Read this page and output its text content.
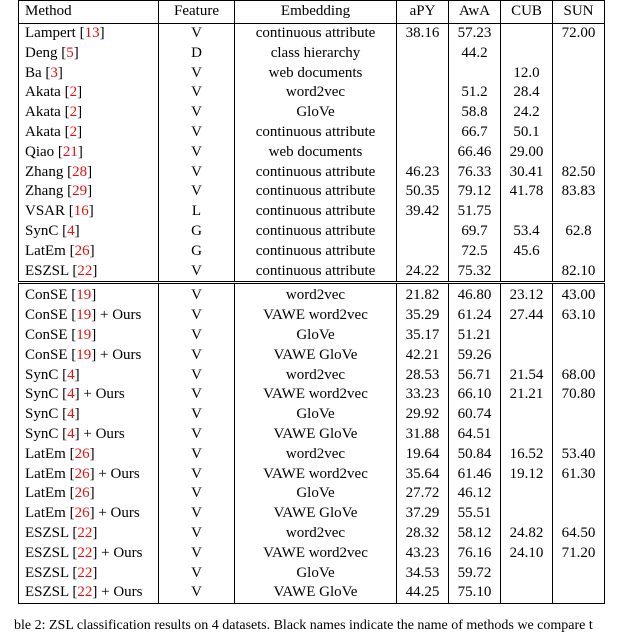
Method	Feature	Embedding	aPY	AwA	CUB	SUN
Lampert [13]	V	continuous attribute	38.16	57.23		72.00
Deng [5]	D	class hierarchy		44.2		
Ba [3]	V	web documents			12.0	
Akata [2]	V	word2vec		51.2	28.4	
Akata [2]	V	GloVe		58.8	24.2	
Akata [2]	V	continuous attribute		66.7	50.1	
Qiao [21]	V	web documents		66.46	29.00	
Zhang [28]	V	continuous attribute	46.23	76.33	30.41	82.50
Zhang [29]	V	continuous attribute	50.35	79.12	41.78	83.83
VSAR [16]	L	continuous attribute	39.42	51.75		
SynC [4]	G	continuous attribute		69.7	53.4	62.8
LatEm [26]	G	continuous attribute		72.5	45.6	
ESZSL [22]	V	continuous attribute	24.22	75.32		82.10
ConSE [19]	V	word2vec	21.82	46.80	23.12	43.00
ConSE [19] + Ours	V	VAWE word2vec	35.29	61.24	27.44	63.10
ConSE [19]	V	GloVe	35.17	51.21		
ConSE [19] + Ours	V	VAWE GloVe	42.21	59.26		
SynC [4]	V	word2vec	28.53	56.71	21.54	68.00
SynC [4] + Ours	V	VAWE word2vec	33.23	66.10	21.21	70.80
SynC [4]	V	GloVe	29.92	60.74		
SynC [4] + Ours	V	VAWE GloVe	31.88	64.51		
LatEm [26]	V	word2vec	19.64	50.84	16.52	53.40
LatEm [26] + Ours	V	VAWE word2vec	35.64	61.46	19.12	61.30
LatEm [26]	V	GloVe	27.72	46.12		
LatEm [26] + Ours	V	VAWE GloVe	37.29	55.51		
ESZSL [22]	V	word2vec	28.32	58.12	24.82	64.50
ESZSL [22] + Ours	V	VAWE word2vec	43.23	76.16	24.10	71.20
ESZSL [22]	V	GloVe	34.53	59.72		
ESZSL [22] + Ours	V	VAWE GloVe	44.25	75.10		
ble 2: ZSL classification results on 4 datasets. Black names indicate the name of methods we compare t
